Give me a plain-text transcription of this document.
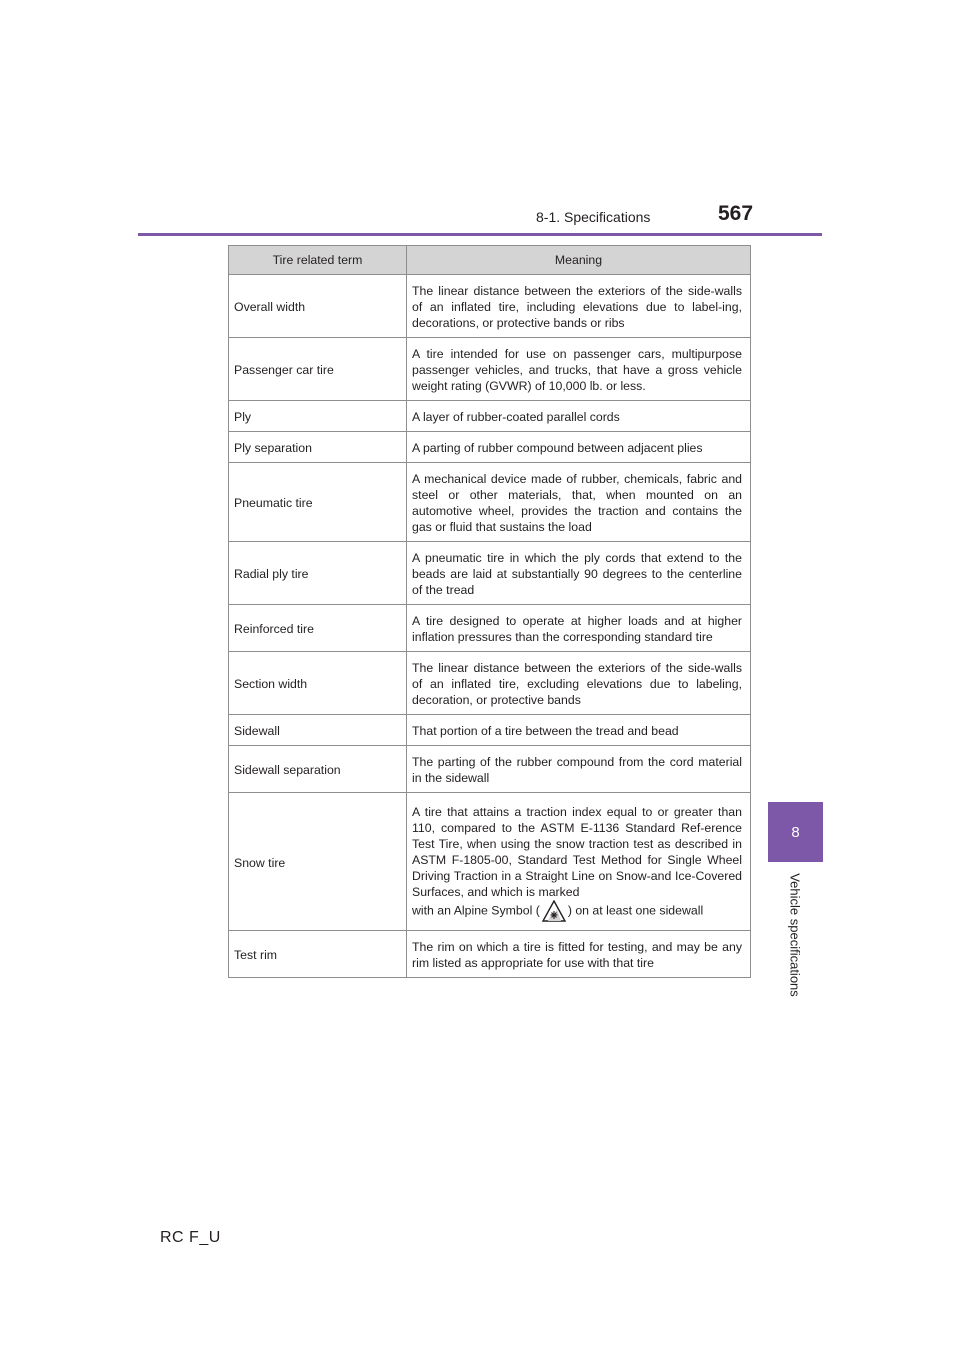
8-1. Specifications	567
8
Vehicle specifications
Tire related term	Meaning
Overall width	The linear distance between the exteriors of the side-walls of an inflated tire, including elevations due to label-ing, decorations, or protective bands or ribs
Passenger car tire	A tire intended for use on passenger cars, multipurpose passenger vehicles, and trucks, that have a gross vehicle weight rating (GVWR) of 10,000 lb. or less.
Ply	A layer of rubber-coated parallel cords
Ply separation	A parting of rubber compound between adjacent plies
Pneumatic tire	A mechanical device made of rubber, chemicals, fabric and steel or other materials, that, when mounted on an automotive wheel, provides the traction and contains the gas or fluid that sustains the load
Radial ply tire	A pneumatic tire in which the ply cords that extend to the beads are laid at substantially 90 degrees to the centerline of the tread
Reinforced tire	A tire designed to operate at higher loads and at higher inflation pressures than the corresponding standard tire
Section width	The linear distance between the exteriors of the side-walls of an inflated tire, excluding elevations due to labeling, decoration, or protective bands
Sidewall	That portion of a tire between the tread and bead
Sidewall separation	The parting of the rubber compound from the cord material in the sidewall
Snow tire	A tire that attains a traction index equal to or greater than 110, compared to the ASTM E-1136 Standard Ref-erence Test Tire, when using the snow traction test as described in ASTM F-1805-00, Standard Test Method for Single Wheel Driving Traction in a Straight Line on Snow-and Ice-Covered Surfaces, and which is marked
with an Alpine Symbol ( ) on at least one sidewall
Test rim	The rim on which a tire is fitted for testing, and may be any rim listed as appropriate for use with that tire
RC F_U
